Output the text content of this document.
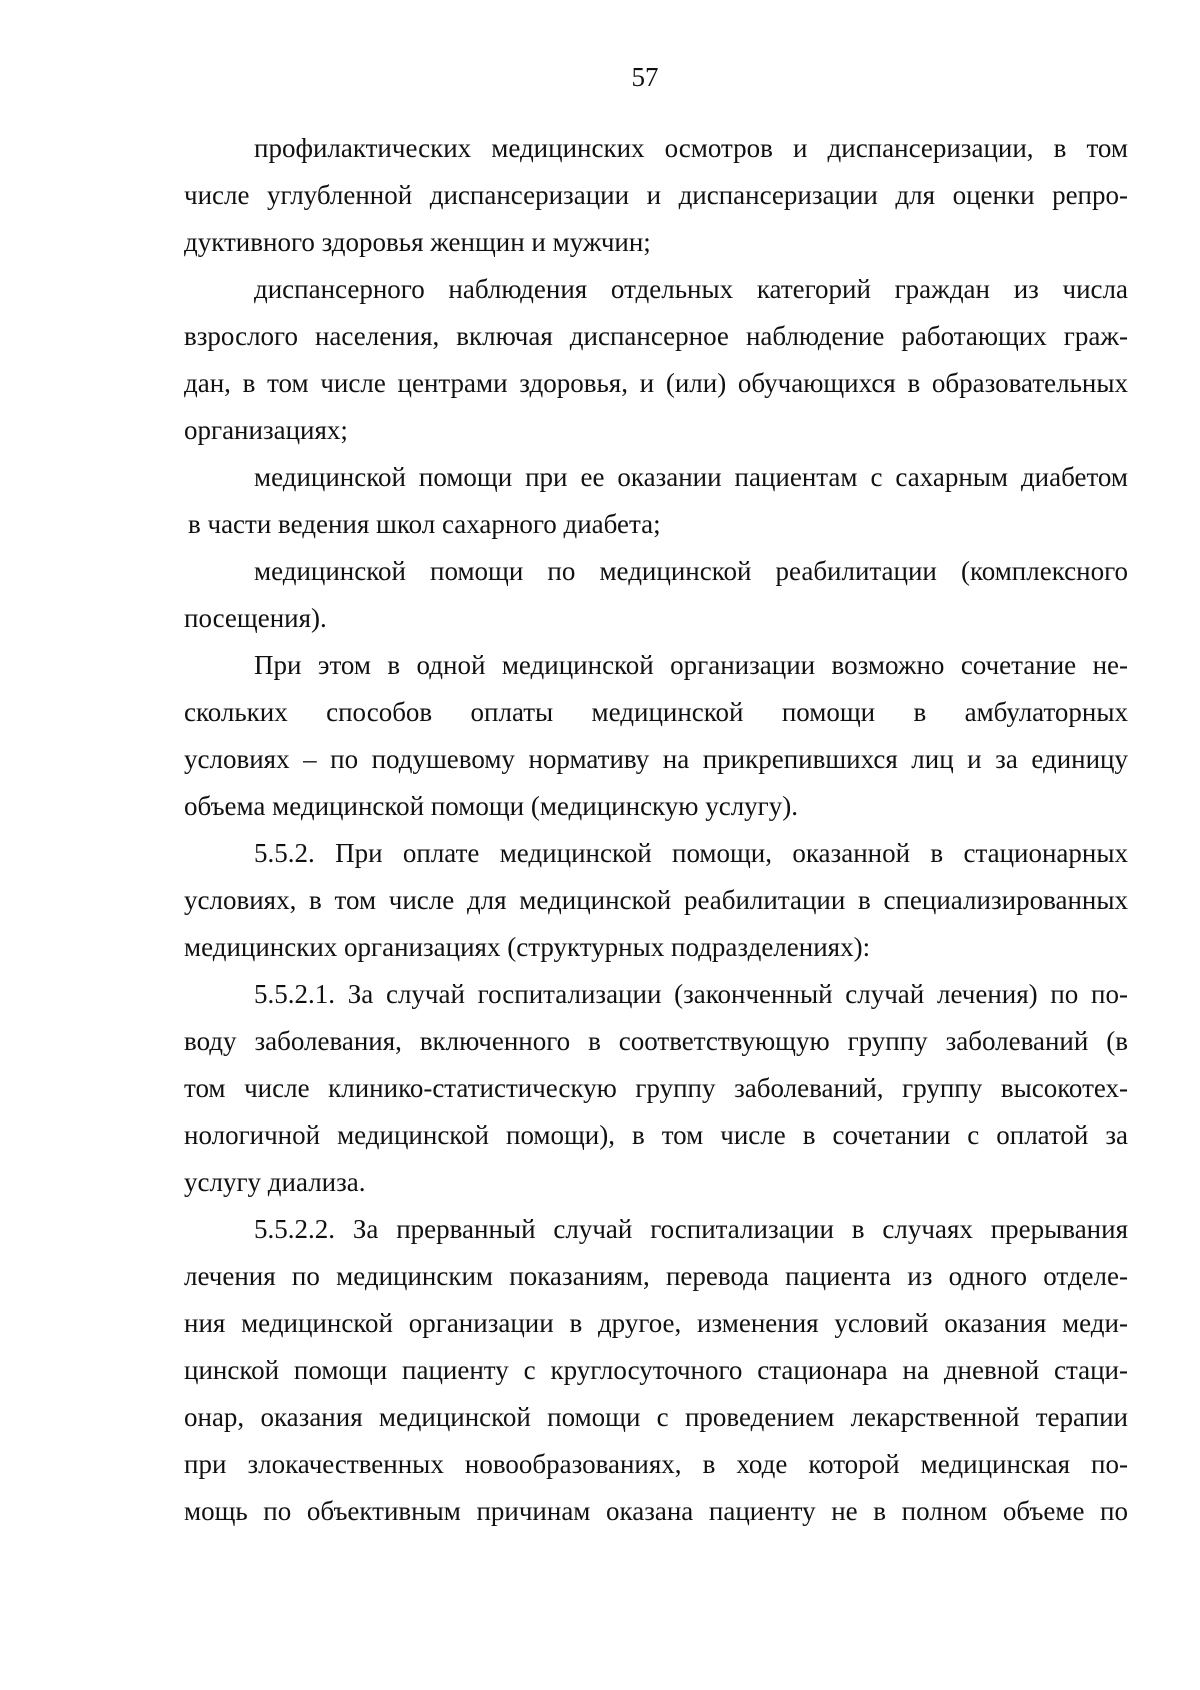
57
профилактических медицинских осмотров и диспансеризации, в том
числе углубленной диспансеризации и диспансеризации для оценки репро-
дуктивного здоровья женщин и мужчин;
диспансерного наблюдения отдельных категорий граждан из числа
взрослого населения, включая диспансерное наблюдение работающих граж-
дан, в том числе центрами здоровья, и (или) обучающихся в образовательных
организациях;
медицинской помощи при ее оказании пациентам с сахарным диабетом
в части ведения школ сахарного диабета;
медицинской помощи по медицинской реабилитации (комплексного
посещения).
При этом в одной медицинской организации возможно сочетание не-
скольких способов оплаты медицинской помощи в амбулаторных
условиях – по подушевому нормативу на прикрепившихся лиц и за единицу
объема медицинской помощи (медицинскую услугу).
5.5.2. При оплате медицинской помощи, оказанной в стационарных
условиях, в том числе для медицинской реабилитации в специализированных
медицинских организациях (структурных подразделениях):
5.5.2.1. За случай госпитализации (законченный случай лечения) по по-
воду заболевания, включенного в соответствующую группу заболеваний (в
том числе клинико-статистическую группу заболеваний, группу высокотех-
нологичной медицинской помощи), в том числе в сочетании с оплатой за
услугу диализа.
5.5.2.2. За прерванный случай госпитализации в случаях прерывания
лечения по медицинским показаниям, перевода пациента из одного отделе-
ния медицинской организации в другое, изменения условий оказания меди-
цинской помощи пациенту с круглосуточного стационара на дневной стаци-
онар, оказания медицинской помощи с проведением лекарственной терапии
при злокачественных новообразованиях, в ходе которой медицинская по-
мощь по объективным причинам оказана пациенту не в полном объеме по
